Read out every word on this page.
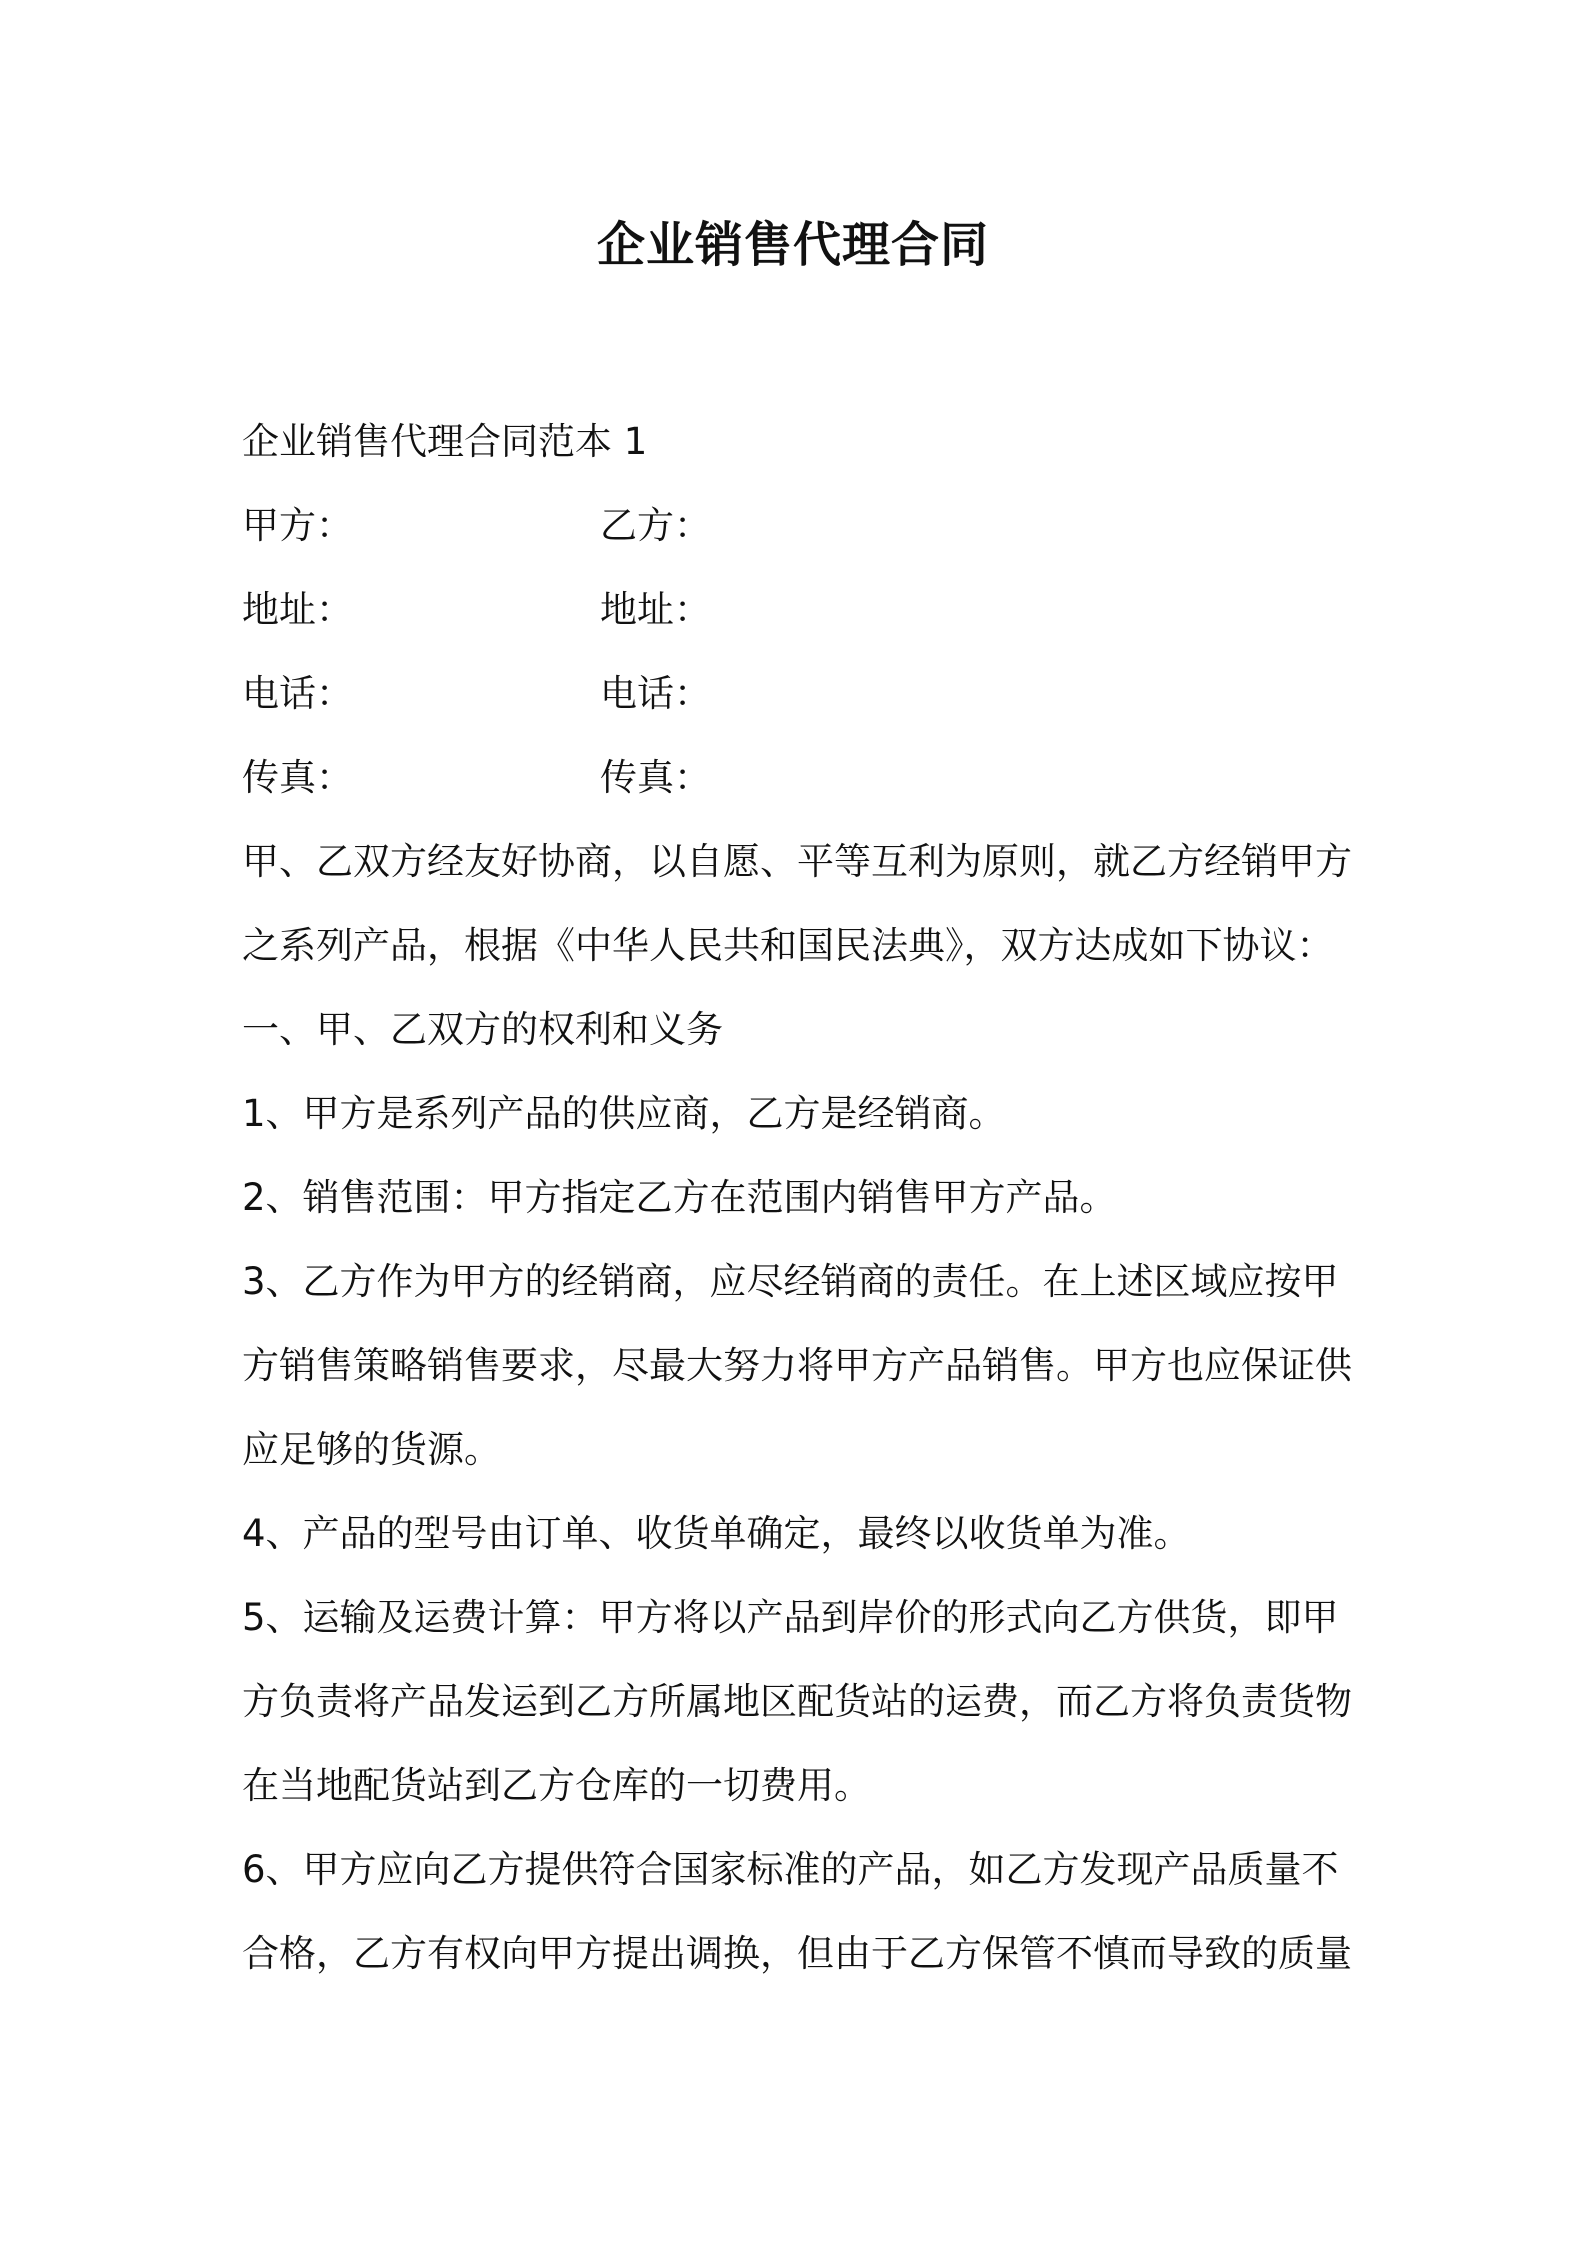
企业销售代理合同
企业销售代理合同范本 1
甲方：	乙方：
地址：	地址：
电话：	电话：
传真：	传真：
甲、乙双方经友好协商，以自愿、平等互利为原则，就乙方经销甲方
之系列产品，根据《中华人民共和国民法典》，双方达成如下协议：
一、甲、乙双方的权利和义务
1、甲方是系列产品的供应商，乙方是经销商。
2、销售范围：甲方指定乙方在范围内销售甲方产品。
3、乙方作为甲方的经销商，应尽经销商的责任。在上述区域应按甲
方销售策略销售要求，尽最大努力将甲方产品销售。甲方也应保证供
应足够的货源。
4、产品的型号由订单、收货单确定，最终以收货单为准。
5、运输及运费计算：甲方将以产品到岸价的形式向乙方供货，即甲
方负责将产品发运到乙方所属地区配货站的运费，而乙方将负责货物
在当地配货站到乙方仓库的一切费用。
6、甲方应向乙方提供符合国家标准的产品，如乙方发现产品质量不
合格，乙方有权向甲方提出调换，但由于乙方保管不慎而导致的质量
